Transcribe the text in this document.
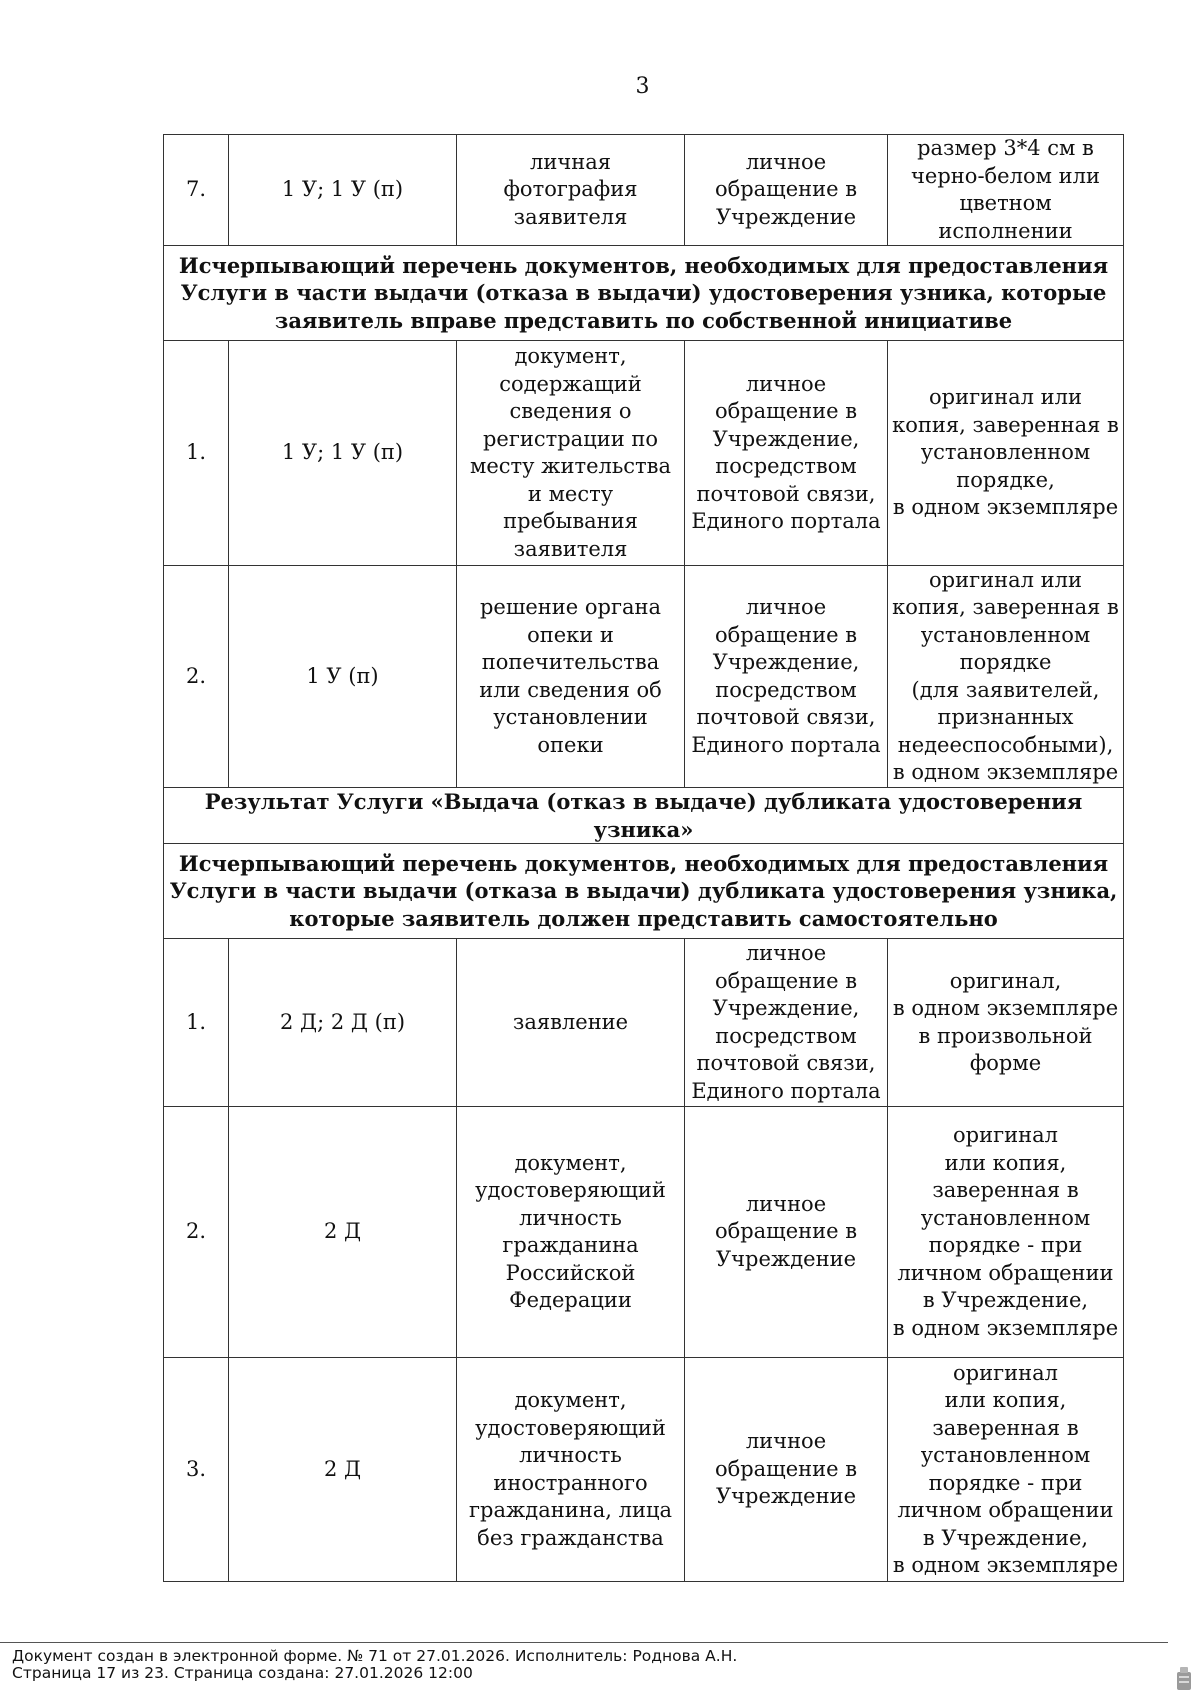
3
7.	1 У; 1 У (п)	личная фотография заявителя	личное обращение в Учреждение	размер 3*4 см в черно-белом или цветном исполнении
Исчерпывающий перечень документов, необходимых для предоставления Услуги в части выдачи (отказа в выдачи) удостоверения узника, которые заявитель вправе представить по собственной инициативе				
1.	1 У; 1 У (п)	документ, содержащий сведения о регистрации по месту жительства и месту пребывания заявителя	личное обращение в Учреждение, посредством почтовой связи, Единого портала	оригинал или копия, заверенная в установленном порядке,
в одном экземпляре
2.	1 У (п)	решение органа опеки и попечительства или сведения об установлении опеки	личное обращение в Учреждение, посредством почтовой связи, Единого портала	оригинал или копия, заверенная в установленном порядке
(для заявителей, признанных недееспособными),
в одном экземпляре
Результат Услуги «Выдача (отказ в выдаче) дубликата удостоверения узника»				
Исчерпывающий перечень документов, необходимых для предоставления Услуги в части выдачи (отказа в выдачи) дубликата удостоверения узника, которые заявитель должен представить самостоятельно				
1.	2 Д; 2 Д (п)	заявление	личное обращение в Учреждение, посредством почтовой связи, Единого портала	оригинал,
в одном экземпляре в произвольной форме
2.	2 Д	документ, удостоверяющий личность гражданина Российской Федерации	личное обращение в Учреждение	оригинал
или копия, заверенная в установленном порядке - при личном обращении в Учреждение,
в одном экземпляре
3.	2 Д	документ, удостоверяющий личность иностранного гражданина, лица без гражданства	личное обращение в Учреждение	оригинал
или копия, заверенная в установленном порядке - при личном обращении в Учреждение,
в одном экземпляре
Документ создан в электронной форме. № 71 от 27.01.2026. Исполнитель: Роднова А.Н.
Страница 17 из 23. Страница создана: 27.01.2026 12:00
